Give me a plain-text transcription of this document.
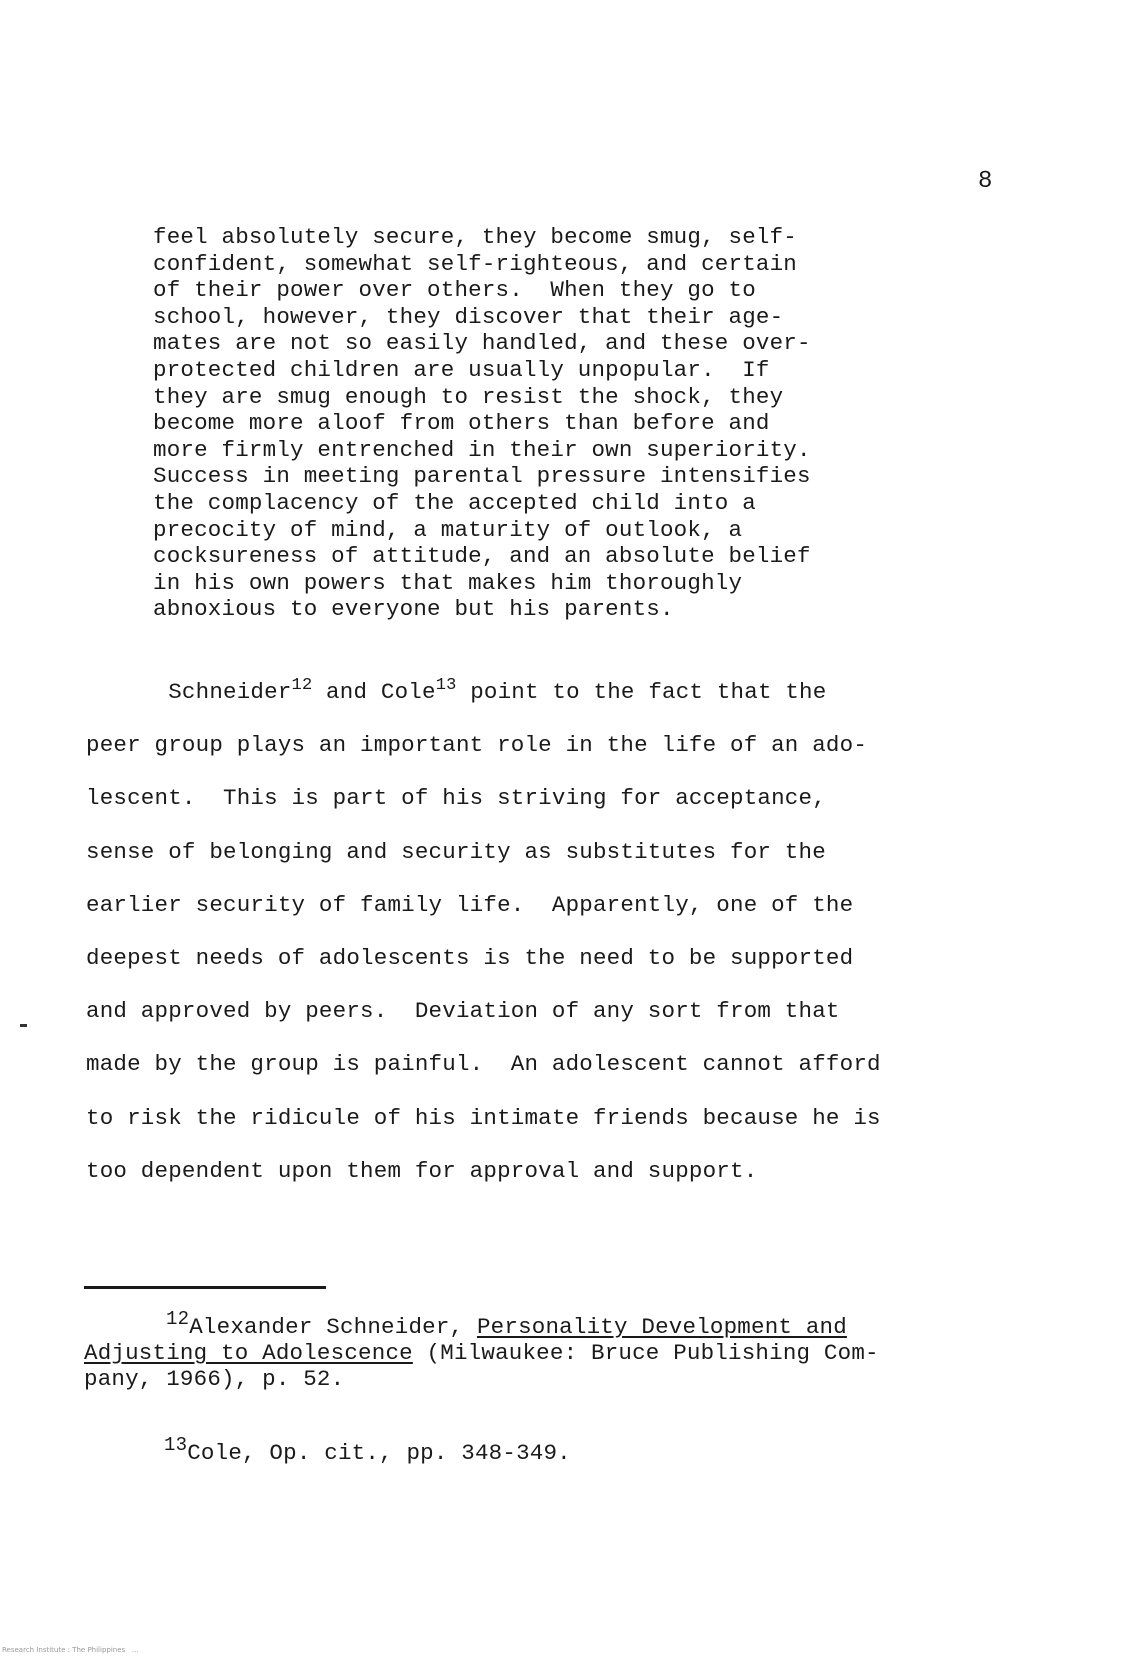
8
feel absolutely secure, they become smug, self-
confident, somewhat self-righteous, and certain
of their power over others.  When they go to
school, however, they discover that their age-
mates are not so easily handled, and these over-
protected children are usually unpopular.  If
they are smug enough to resist the shock, they
become more aloof from others than before and
more firmly entrenched in their own superiority.
Success in meeting parental pressure intensifies
the complacency of the accepted child into a
precocity of mind, a maturity of outlook, a
cocksureness of attitude, and an absolute belief
in his own powers that makes him thoroughly
abnoxious to everyone but his parents.
Schneider$^{12}$ and Cole$^{13}$ point to the fact that the
peer group plays an important role in the life of an ado-
lescent.  This is part of his striving for acceptance,
sense of belonging and security as substitutes for the
earlier security of family life.  Apparently, one of the
deepest needs of adolescents is the need to be supported
and approved by peers.  Deviation of any sort from that
made by the group is painful.  An adolescent cannot afford
to risk the ridicule of his intimate friends because he is
too dependent upon them for approval and support.
$^{12}$Alexander Schneider, Personality Development and
Adjusting to Adolescence (Milwaukee: Bruce Publishing Com-
pany, 1966), p. 52.
$^{13}$Cole, Op. cit., pp. 348-349.
Research Institute : The Philippines   ...
